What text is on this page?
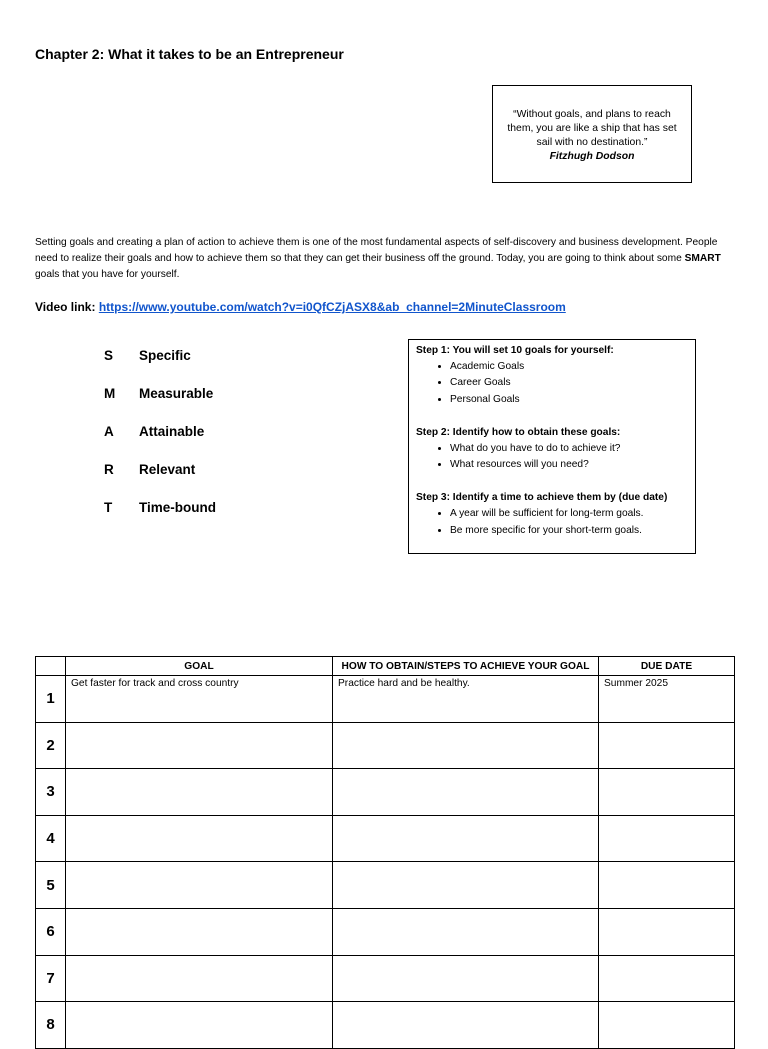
Chapter 2: What it takes to be an Entrepreneur
“Without goals, and plans to reach them, you are like a ship that has set sail with no destination.”
Fitzhugh Dodson
Setting goals and creating a plan of action to achieve them is one of the most fundamental aspects of self-discovery and business development. People need to realize their goals and how to achieve them so that they can get their business off the ground. Today, you are going to think about some SMART goals that you have for yourself.
Video link: https://www.youtube.com/watch?v=i0QfCZjASX8&ab_channel=2MinuteClassroom
S	Specific
M	Measurable
A	Attainable
R	Relevant
T	Time-bound
Step 1: You will set 10 goals for yourself:
• Academic Goals
• Career Goals
• Personal Goals
Step 2: Identify how to obtain these goals:
• What do you have to do to achieve it?
• What resources will you need?
Step 3: Identify a time to achieve them by (due date)
• A year will be sufficient for long-term goals.
• Be more specific for your short-term goals.
	GOAL	HOW TO OBTAIN/STEPS TO ACHIEVE YOUR GOAL	DUE DATE
1	Get faster for track and cross country	Practice hard and be healthy.	Summer 2025
2			
3			
4			
5			
6			
7			
8			
